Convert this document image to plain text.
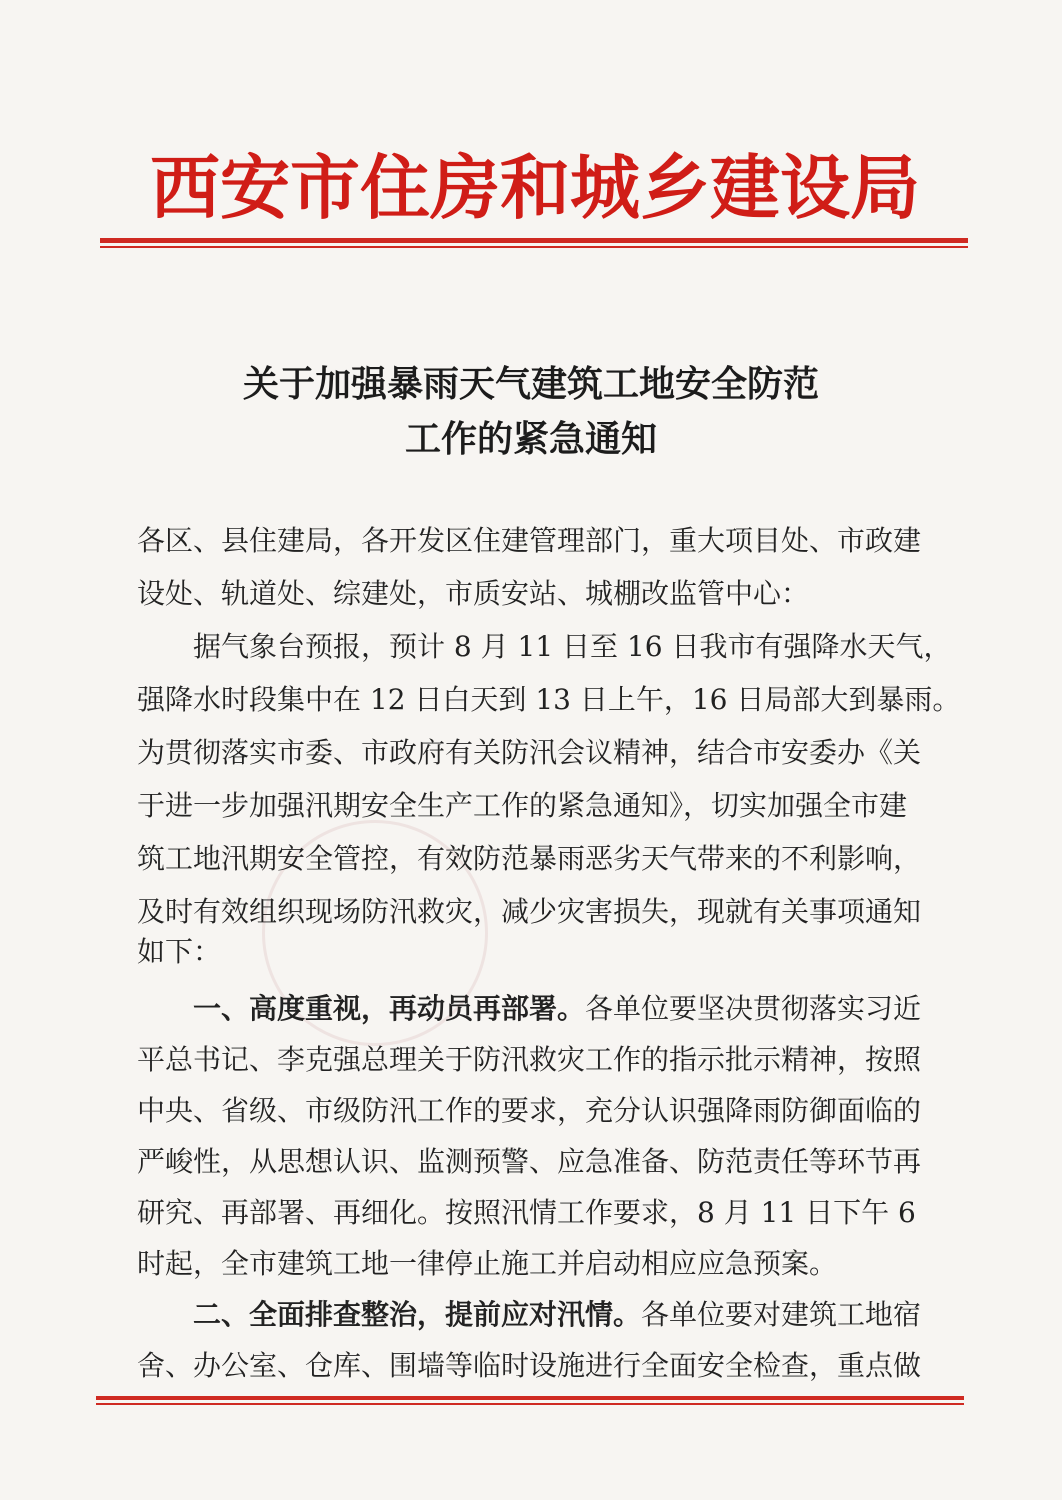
西安市住房和城乡建设局
关于加强暴雨天气建筑工地安全防范
工作的紧急通知
各区、县住建局，各开发区住建管理部门，重大项目处、市政建
设处、轨道处、综建处，市质安站、城棚改监管中心：
　　据气象台预报，预计 8 月 11 日至 16 日我市有强降水天气，
强降水时段集中在 12 日白天到 13 日上午，16 日局部大到暴雨。
为贯彻落实市委、市政府有关防汛会议精神，结合市安委办《关
于进一步加强汛期安全生产工作的紧急通知》，切实加强全市建
筑工地汛期安全管控，有效防范暴雨恶劣天气带来的不利影响，
及时有效组织现场防汛救灾，减少灾害损失，现就有关事项通知
如下：
　　一、高度重视，再动员再部署。各单位要坚决贯彻落实习近
平总书记、李克强总理关于防汛救灾工作的指示批示精神，按照
中央、省级、市级防汛工作的要求，充分认识强降雨防御面临的
严峻性，从思想认识、监测预警、应急准备、防范责任等环节再
研究、再部署、再细化。按照汛情工作要求，8 月 11 日下午 6
时起，全市建筑工地一律停止施工并启动相应应急预案。
　　二、全面排查整治，提前应对汛情。各单位要对建筑工地宿
舍、办公室、仓库、围墙等临时设施进行全面安全检查，重点做
